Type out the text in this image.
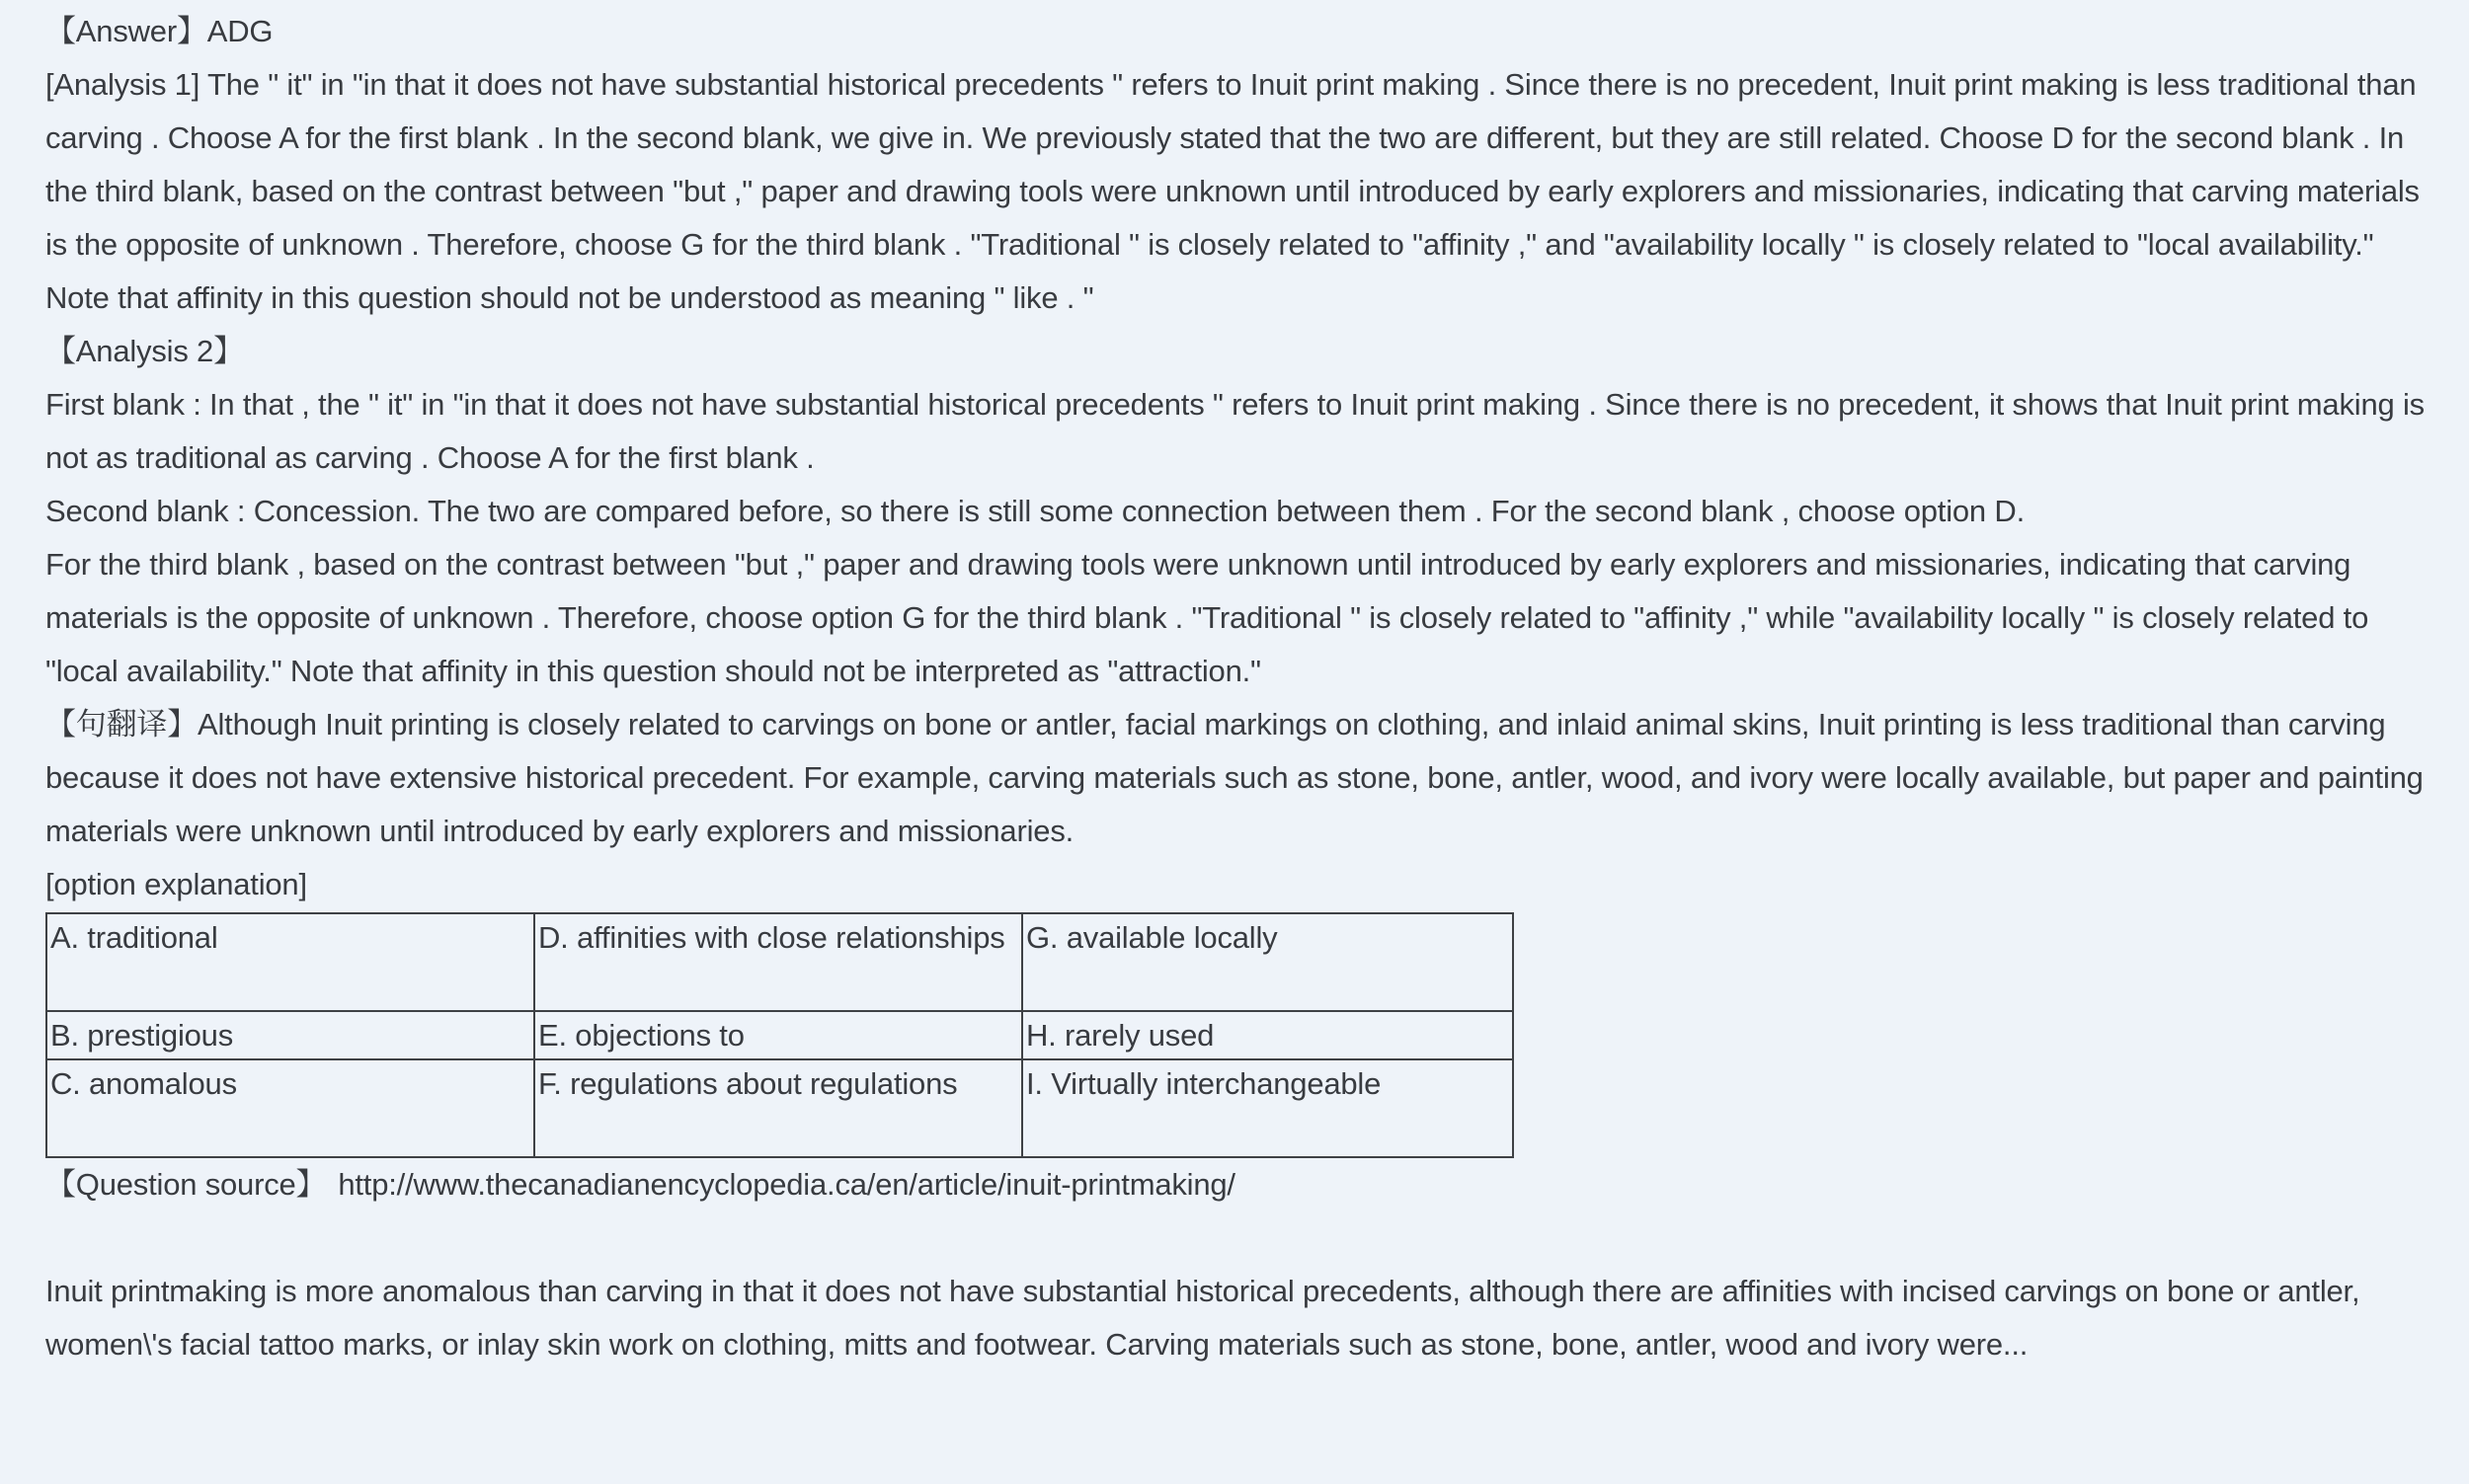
【Answer】ADG

[Analysis 1] The " it" in "in that it does not have substantial historical precedents " refers to Inuit print making . Since there is no precedent, Inuit print making is less traditional than carving . Choose A for the first blank . In the second blank, we give in. We previously stated that the two are different, but they are still related. Choose D for the second blank . In the third blank, based on the contrast between "but ," paper and drawing tools were unknown until introduced by early explorers and missionaries, indicating that carving materials is the opposite of unknown . Therefore, choose G for the third blank . "Traditional " is closely related to "affinity ," and "availability locally " is closely related to "local availability." Note that affinity in this question should not be understood as meaning " like . "

【Analysis 2】

First blank : In that , the " it" in "in that it does not have substantial historical precedents " refers to Inuit print making . Since there is no precedent, it shows that Inuit print making is not as traditional as carving . Choose A for the first blank .

Second blank : Concession. The two are compared before, so there is still some connection between them . For the second blank , choose option D.

For the third blank , based on the contrast between "but ," paper and drawing tools were unknown until introduced by early explorers and missionaries, indicating that carving materials is the opposite of unknown . Therefore, choose option G for the third blank . "Traditional " is closely related to "affinity ," while "availability locally " is closely related to "local availability." Note that affinity in this question should not be interpreted as "attraction."

【句翻译】Although Inuit printing is closely related to carvings on bone or antler, facial markings on clothing, and inlaid animal skins, Inuit printing is less traditional than carving because it does not have extensive historical precedent. For example, carving materials such as stone, bone, antler, wood, and ivory were locally available, but paper and painting materials were unknown until introduced by early explorers and missionaries.

[option explanation]

A. traditional	D. affinities with close relationships	G. available locally
B. prestigious	E. objections to	H. rarely used
C. anomalous	F. regulations about regulations	I. Virtually interchangeable

【Question source】 http://www.thecanadianencyclopedia.ca/en/article/inuit-printmaking/

Inuit printmaking is more anomalous than carving in that it does not have substantial historical precedents, although there are affinities with incised carvings on bone or antler, women\'s facial tattoo marks, or inlay skin work on clothing, mitts and footwear. Carving materials such as stone, bone, antler, wood and ivory were...
